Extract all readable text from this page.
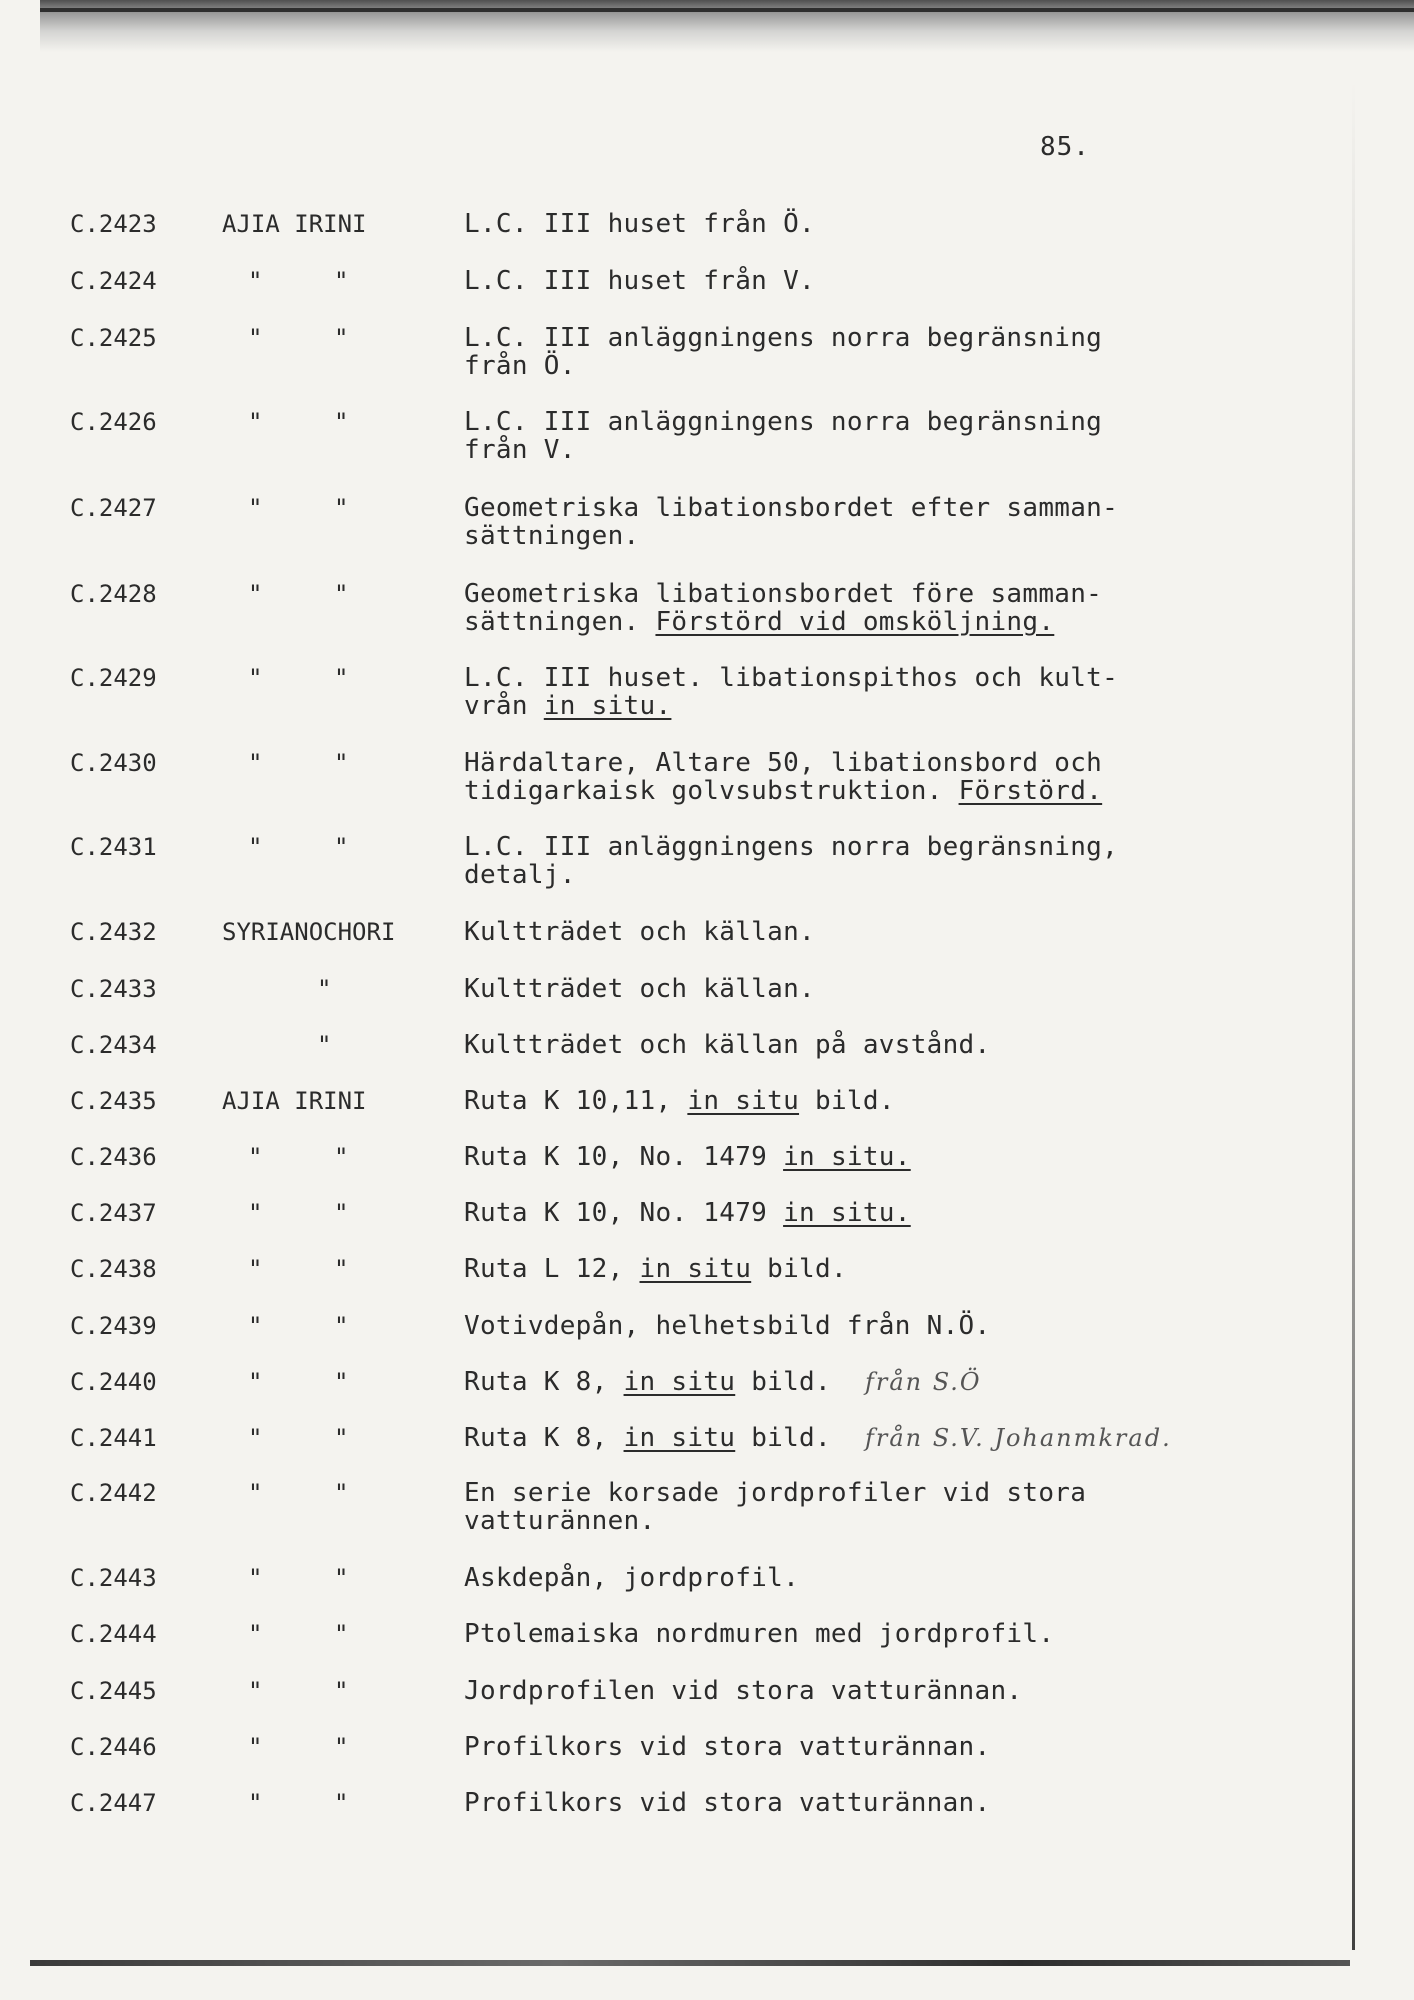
85.
C.2423	AJIA IRINI	L.C. III huset från Ö.
C.2424	"	"	L.C. III huset från V.
C.2425	"	"	L.C. III anläggningens norra begränsning
från Ö.
C.2426	"	"	L.C. III anläggningens norra begränsning
från V.
C.2427	"	"	Geometriska libationsbordet efter samman-
sättningen.
C.2428	"	"	Geometriska libationsbordet före samman-
sättningen. Förstörd vid omsköljning.
C.2429	"	"	L.C. III huset. libationspithos och kult-
vrån in situ.
C.2430	"	"	Härdaltare, Altare 50, libationsbord och
tidigarkaisk golvsubstruktion. Förstörd.
C.2431	"	"	L.C. III anläggningens norra begränsning,
detalj.
C.2432	SYRIANOCHORI	Kultträdet och källan.
C.2433	"	Kultträdet och källan.
C.2434	"	Kultträdet och källan på avstånd.
C.2435	AJIA IRINI	Ruta K 10,11, in situ bild.
C.2436	"	"	Ruta K 10, No. 1479 in situ.
C.2437	"	"	Ruta K 10, No. 1479 in situ.
C.2438	"	"	Ruta L 12, in situ bild.
C.2439	"	"	Votivdepån, helhetsbild från N.Ö.
C.2440	"	"	Ruta K 8, in situ bild. från S.Ö
C.2441	"	"	Ruta K 8, in situ bild. från S.V. Johanmkrad.
C.2442	"	"	En serie korsade jordprofiler vid stora
vatturännen.
C.2443	"	"	Askdepån, jordprofil.
C.2444	"	"	Ptolemaiska nordmuren med jordprofil.
C.2445	"	"	Jordprofilen vid stora vatturännan.
C.2446	"	"	Profilkors vid stora vatturännan.
C.2447	"	"	Profilkors vid stora vatturännan.
